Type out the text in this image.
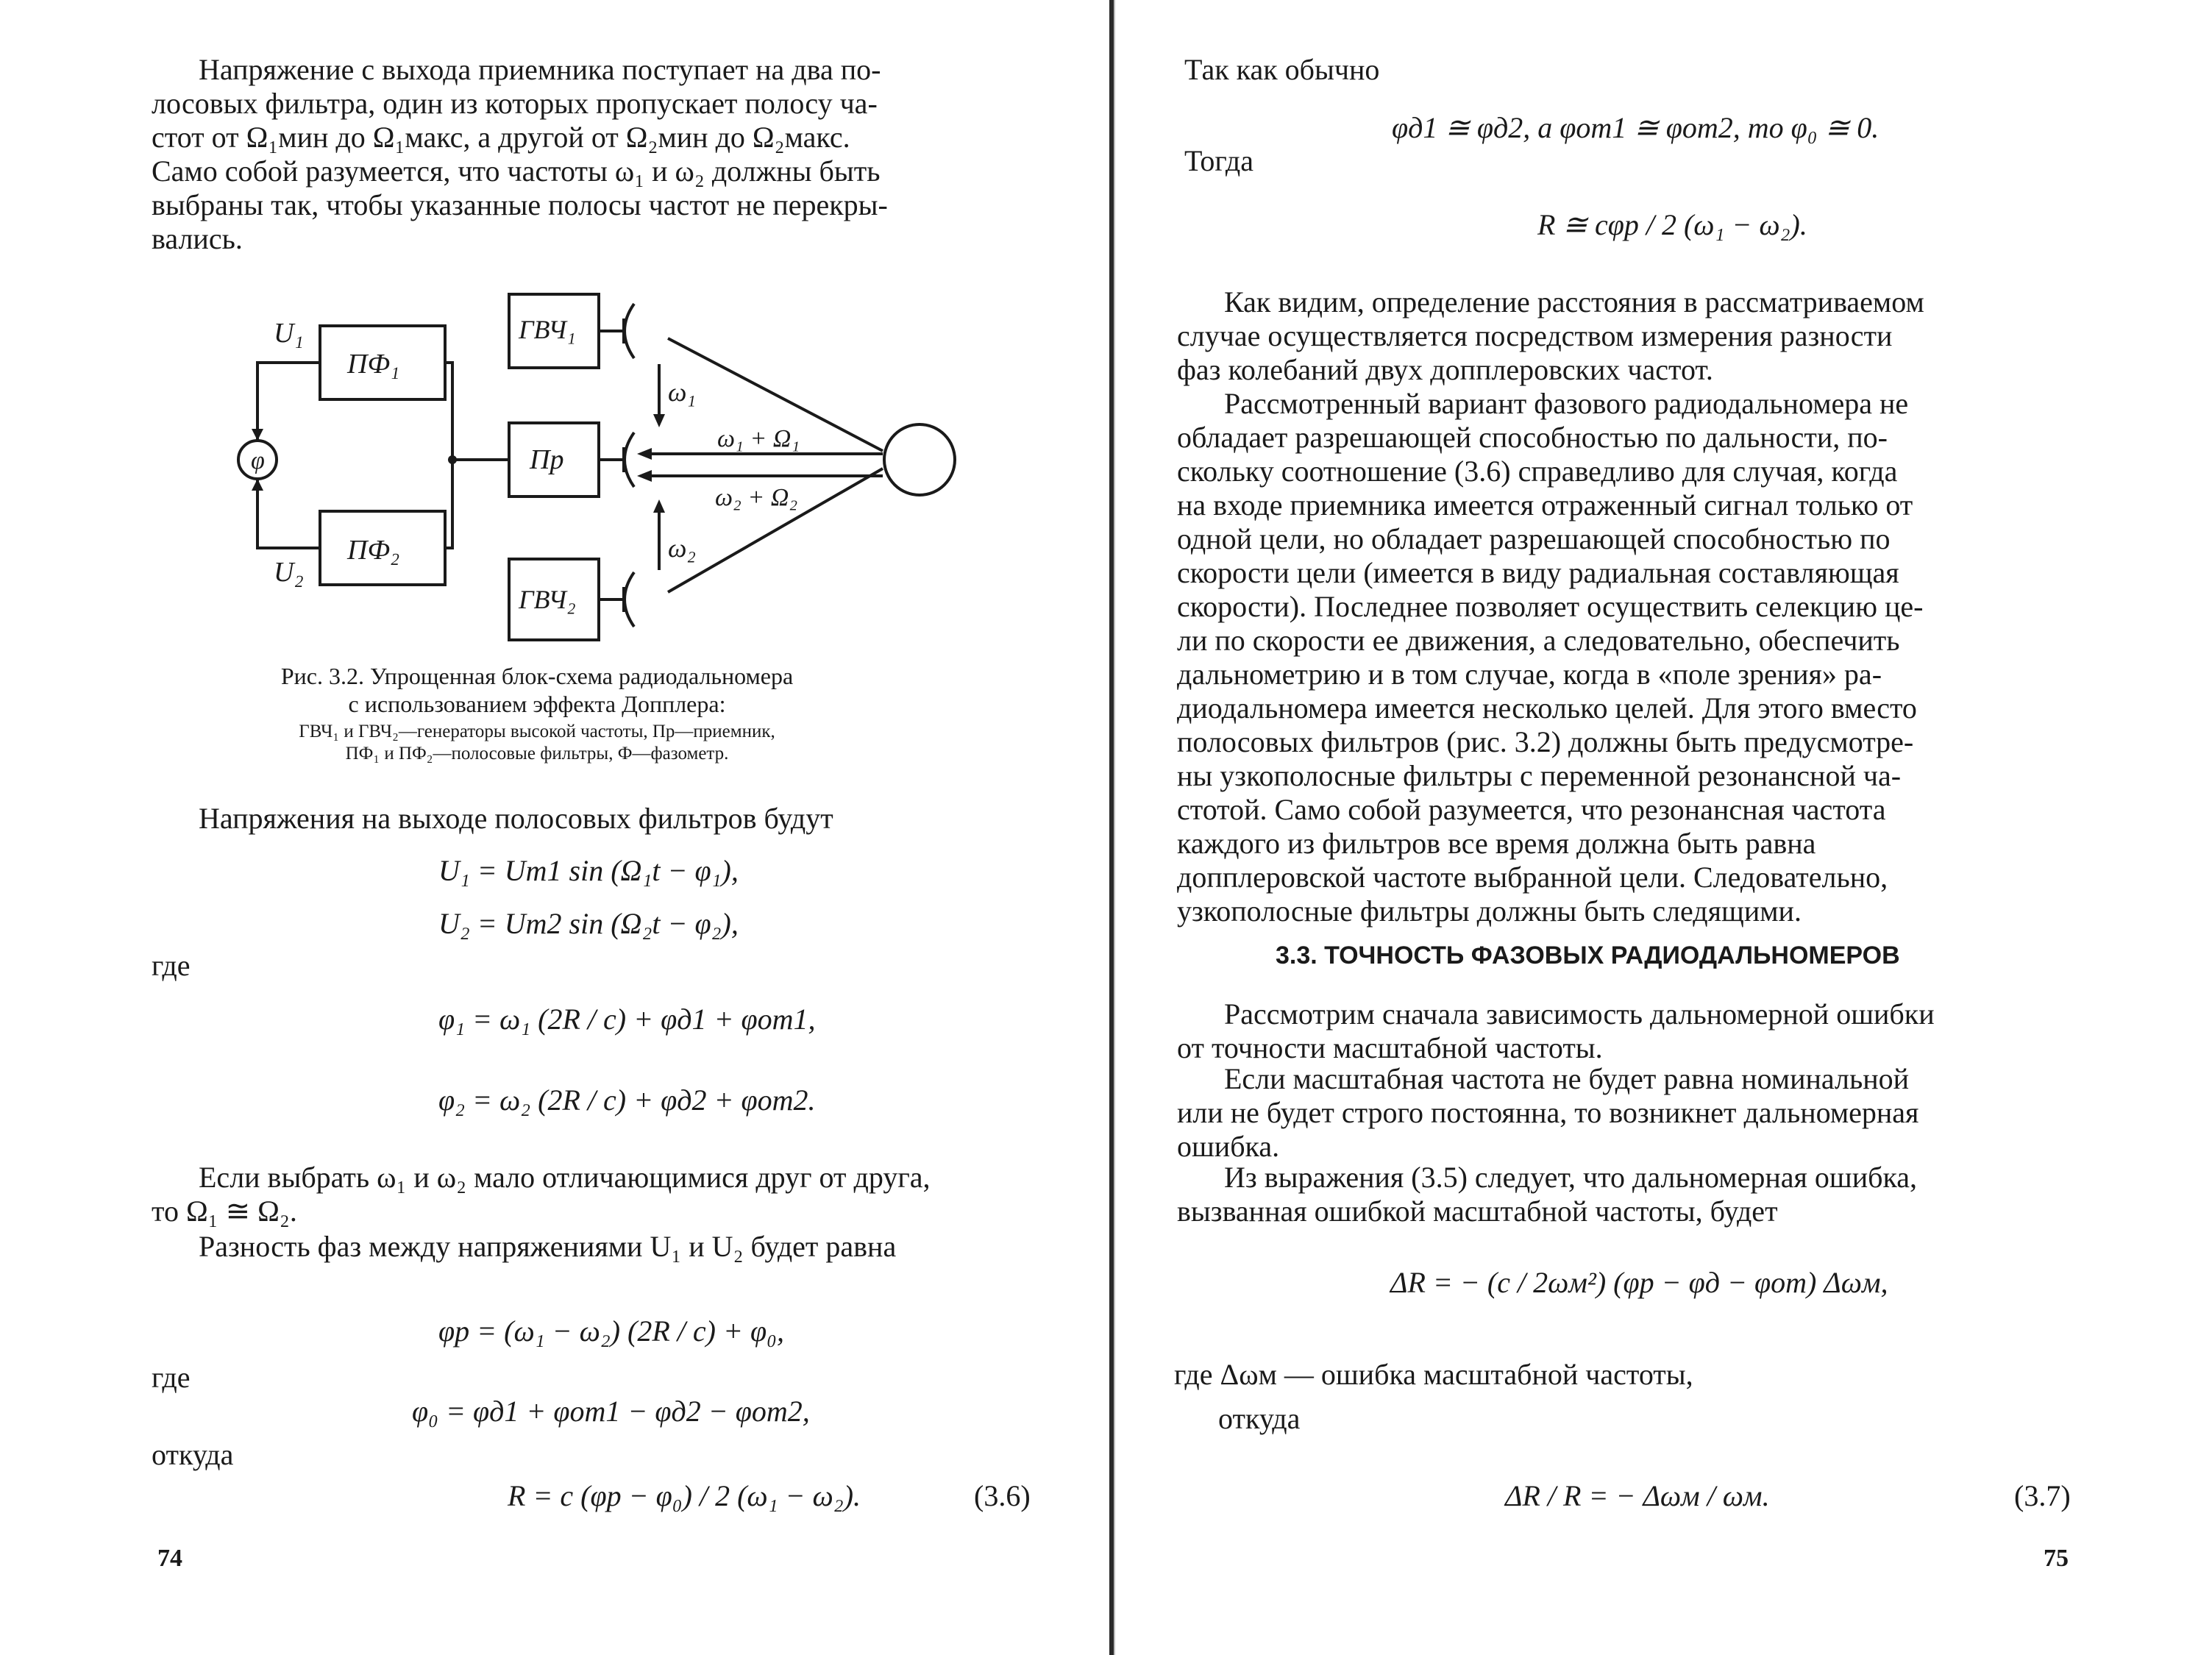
Напряжение с выхода приемника поступает на два по-
лосовых фильтра, один из которых пропускает полосу ча-
стот от Ω₁мин до Ω₁макс, а другой от Ω₂мин до Ω₂макс.
Само собой разумеется, что частоты ω₁ и ω₂ должны быть
выбраны так, чтобы указанные полосы частот не перекры-
вались.

ПФ₁
ПФ₂
ГВЧ₁
Пр
ГВЧ₂
φ
U₁
U₂
ω₁
ω₂
ω₁ + Ω₁
ω₂ + Ω₂

Рис. 3.2. Упрощенная блок-схема радиодальномера
с использованием эффекта Допплера:

ГВЧ₁ и ГВЧ₂—генераторы высокой частоты, Пр—приемник,
ПФ₁ и ПФ₂—полосовые фильтры, Ф—фазометр.

Напряжения на выходе полосовых фильтров будут

U₁ = Um1 sin (Ω₁t − φ₁),

U₂ = Um2 sin (Ω₂t − φ₂),

где

φ₁ = ω₁ (2R / c) + φд1 + φот1,

φ₂ = ω₂ (2R / c) + φд2 + φот2.

Если выбрать ω₁ и ω₂ мало отличающимися друг от друга,
то Ω₁ ≅ Ω₂.

Разность фаз между напряжениями U₁ и U₂ будет равна

φр = (ω₁ − ω₂) (2R / c) + φ₀,

где

φ₀ = φд1 + φот1 − φд2 − φот2,

откуда

R = c (φр − φ₀) / 2 (ω₁ − ω₂).	(3.6)

74

Так как обычно

φд1 ≅ φд2, а φот1 ≅ φот2, то φ₀ ≅ 0.

Тогда

R ≅ cφр / 2 (ω₁ − ω₂).

Как видим, определение расстояния в рассматриваемом
случае осуществляется посредством измерения разности
фаз колебаний двух допплеровских частот.

Рассмотренный вариант фазового радиодальномера не
обладает разрешающей способностью по дальности, по-
скольку соотношение (3.6) справедливо для случая, когда
на входе приемника имеется отраженный сигнал только от
одной цели, но обладает разрешающей способностью по
скорости цели (имеется в виду радиальная составляющая
скорости). Последнее позволяет осуществить селекцию це-
ли по скорости ее движения, а следовательно, обеспечить
дальнометрию и в том случае, когда в «поле зрения» ра-
диодальномера имеется несколько целей. Для этого вместо
полосовых фильтров (рис. 3.2) должны быть предусмотре-
ны узкополосные фильтры с переменной резонансной ча-
стотой. Само собой разумеется, что резонансная частота
каждого из фильтров все время должна быть равна
допплеровской частоте выбранной цели. Следовательно,
узкополосные фильтры должны быть следящими.

3.3. ТОЧНОСТЬ ФАЗОВЫХ РАДИОДАЛЬНОМЕРОВ

Рассмотрим сначала зависимость дальномерной ошибки
от точности масштабной частоты.

Если масштабная частота не будет равна номинальной
или не будет строго постоянна, то возникнет дальномерная
ошибка.

Из выражения (3.5) следует, что дальномерная ошибка,
вызванная ошибкой масштабной частоты, будет

ΔR = − (c / 2ωм²) (φр − φд − φот) Δωм,

где Δωм — ошибка масштабной частоты,

откуда

ΔR / R = − Δωм / ωм.	(3.7)

75
